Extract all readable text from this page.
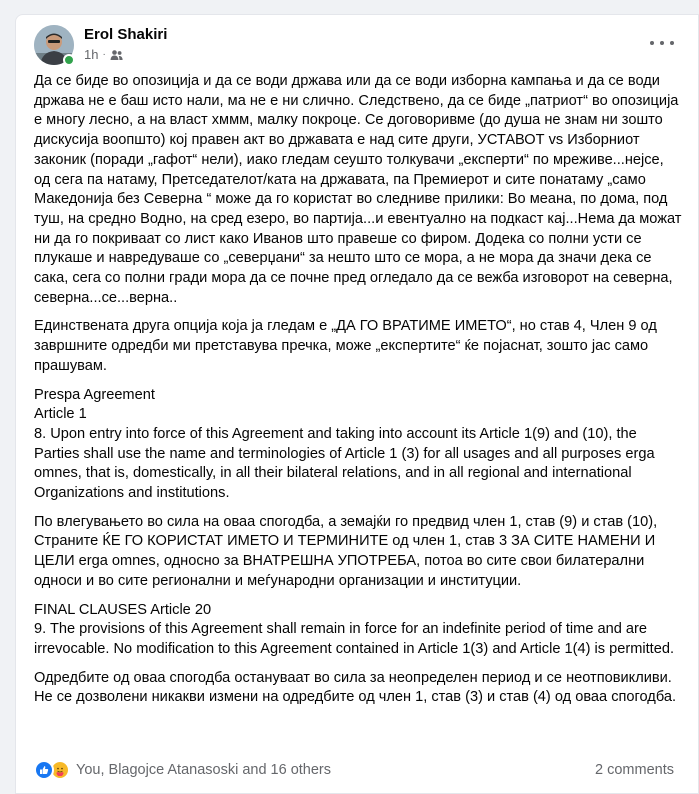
Erol Shakiri
1h ·

Да се биде во опозиција и да се води држава или да се води изборна кампања и да се води држава не е баш исто нали, ма не е ни слично. Следствено, да се биде „патриот“ во опозиција е многу лесно, а на власт хммм, малку покроце. Се договоривме (до душа не знам ни зошто дискусија воопшто) кој правен акт во државата е над сите други, УСТАВОТ vs Изборниот законик (поради „гафот“ нели), иако гледам сеушто толкувачи „експерти“ по мреживе...нејсе, од сега па натаму, Претседателот/ката на државата, па Премиерот и сите понатаму „само Македонија без Северна “ може да го користат во следниве прилики: Во меана, по дома, под туш, на средно Водно, на сред езеро, во партија...и евентуално на подкаст кај...Нема да можат ни да го покриваат со лист како Иванов што правеше со фиром. Додека со полни усти се плукаше и навредуваше со „северџани“ за нешто што се мора, а не мора да значи дека се сака, сега со полни гради мора да се почне пред огледало да се вежба изговорот на северна, северна...се...верна..

Единствената друга опција која ја гледам е „ДА ГО ВРАТИМЕ ИМЕТО“, но став 4, Член 9 од завршните одредби ми претставува пречка, може „експертите“ ќе појаснат, зошто јас само прашувам.

Prespa Agreement
Article 1
8. Upon entry into force of this Agreement and taking into account its Article 1(9) and (10), the Parties shall use the name and terminologies of Article 1 (3) for all usages and all purposes erga omnes, that is, domestically, in all their bilateral relations, and in all regional and international Organizations and institutions.

По влегувањето во сила на оваа спогодба, а земајќи го предвид член 1, став (9) и став (10), Страните ЌЕ ГО КОРИСТАТ ИМЕТО И ТЕРМИНИТЕ од член 1, став 3 ЗА СИТЕ НАМЕНИ И ЦЕЛИ erga omnes, односно за ВНАТРЕШНА УПОТРЕБА, потоа во сите свои билатерални односи и во сите регионални и меѓународни организации и институции.

FINAL CLAUSES Article 20
9. The provisions of this Agreement shall remain in force for an indefinite period of time and are irrevocable. No modification to this Agreement contained in Article 1(3) and Article 1(4) is permitted.

Одредбите од оваа спогодба остануваат во сила за неопределен период и се неотповикливи. Не се дозволени никакви измени на одредбите од член 1, став (3) и став (4) од оваа спогодба.

You, Blagojce Atanasoski and 16 others	2 comments
